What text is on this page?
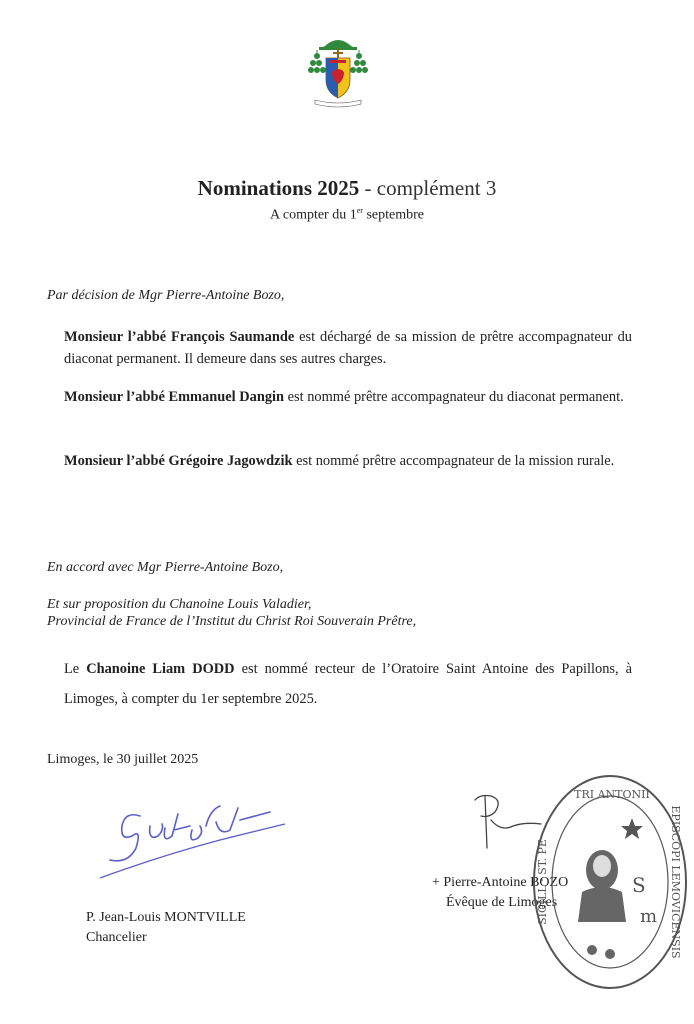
Nominations 2025 - complément 3
A compter du 1er septembre
Par décision de Mgr Pierre-Antoine Bozo,
Monsieur l’abbé François Saumande est déchargé de sa mission de prêtre accompagnateur du diaconat permanent. Il demeure dans ses autres charges.
Monsieur l’abbé Emmanuel Dangin est nommé prêtre accompagnateur du diaconat permanent.
Monsieur l’abbé Grégoire Jagowdzik est nommé prêtre accompagnateur de la mission rurale.
En accord avec Mgr Pierre-Antoine Bozo,
Et sur proposition du Chanoine Louis Valadier,
Provincial de France de l’Institut du Christ Roi Souverain Prêtre,
Le Chanoine Liam DODD est nommé recteur de l’Oratoire Saint Antoine des Papillons, à Limoges, à compter du 1er septembre 2025.
Limoges, le 30 juillet 2025
P. Jean-Louis MONTVILLE
Chancelier
+ Pierre-Antoine BOZO
Évêque de Limoges
TRI ANTONII
EPISCOPI LEMOVICENSIS
SIGILL · ST. PE	S
m
